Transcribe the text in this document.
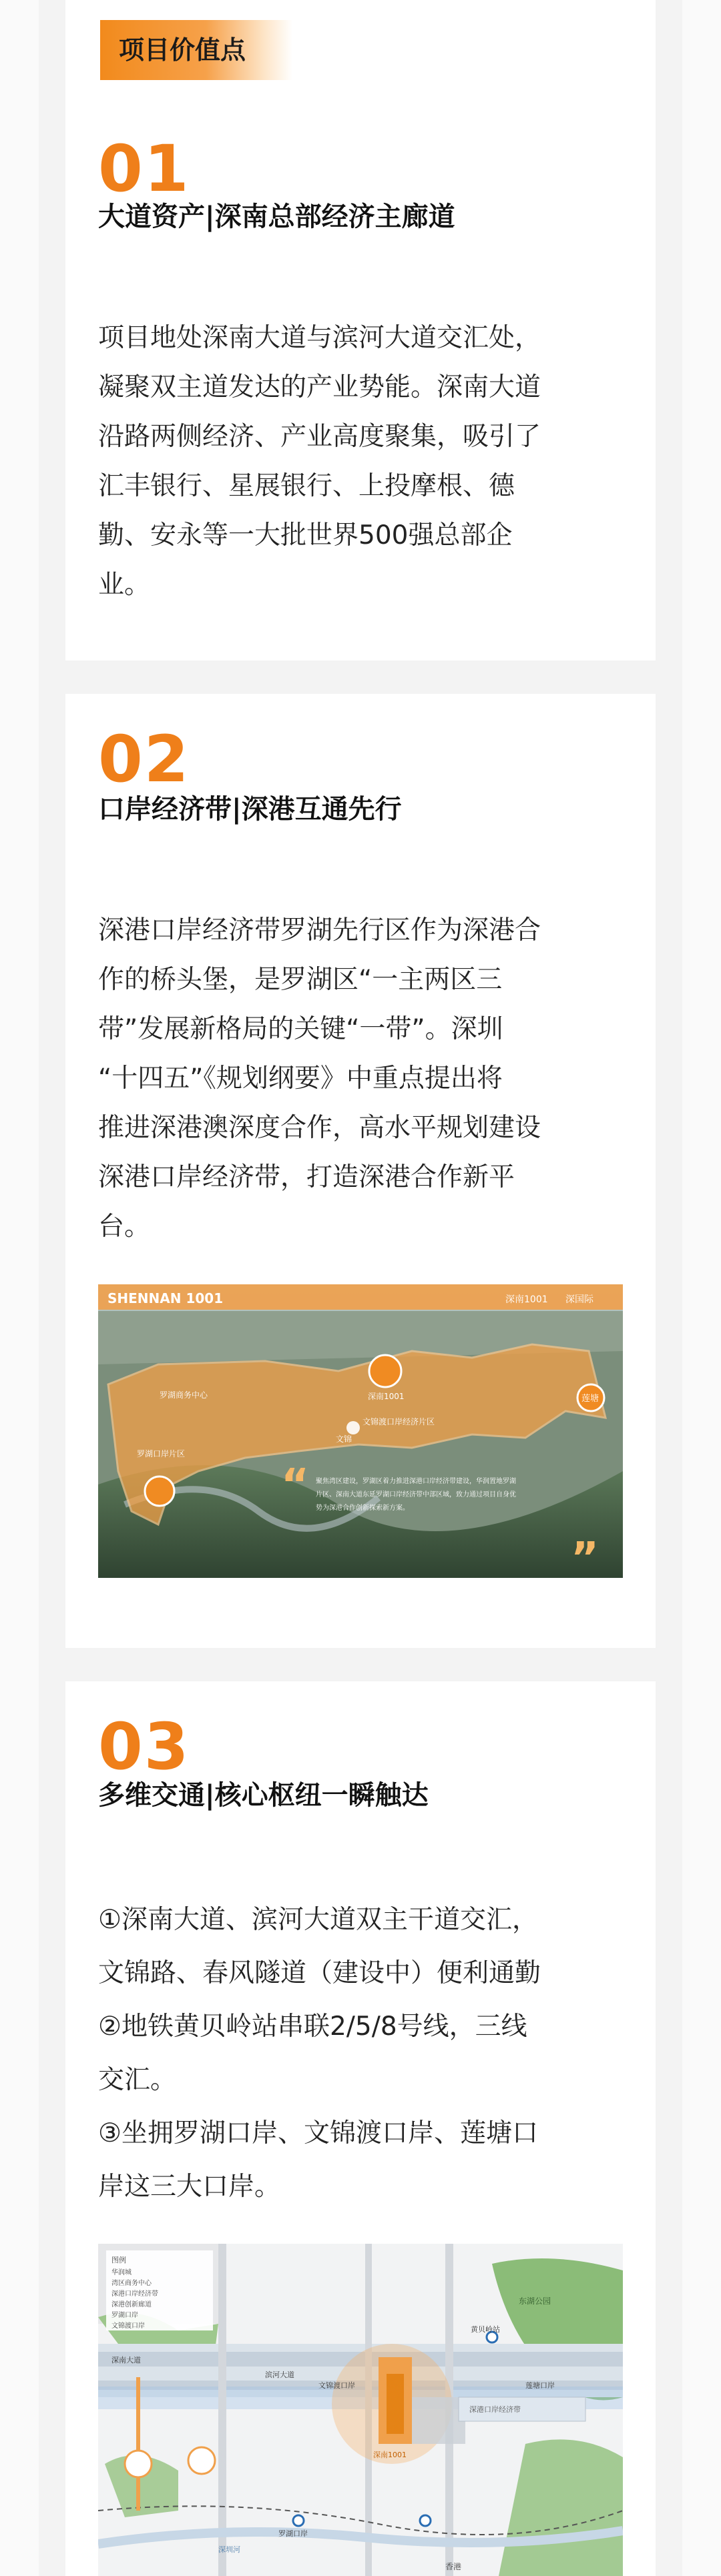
项目价值点
01
大道资产|深南总部经济主廊道
项目地处深南大道与滨河大道交汇处，
凝聚双主道发达的产业势能。深南大道
沿路两侧经济、产业高度聚集，吸引了
汇丰银行、星展银行、上投摩根、德
勤、安永等一大批世界500强总部企
业。
02
口岸经济带|深港互通先行
深港口岸经济带罗湖先行区作为深港合
作的桥头堡，是罗湖区“一主两区三
带”发展新格局的关键“一带”。深圳
“十四五”《规划纲要》中重点提出将
推进深港澳深度合作，高水平规划建设
深港口岸经济带，打造深港合作新平
台。
SHENNAN 1001	深南1001 深国际
罗湖商务中心	深南1001
文锦渡口岸经济片区
文锦
莲塘
罗湖口岸片区
“
”
聚焦湾区建设，罗湖区着力推进深港口岸经济带建设，华润置地罗湖
片区、深南大道东延罗湖口岸经济带中部区域，致力通过项目自身优
势为深港合作创新探索新方案。
03
多维交通|核心枢纽一瞬触达
①深南大道、滨河大道双主干道交汇，
文锦路、春风隧道（建设中）便利通勤
②地铁黄贝岭站串联2/5/8号线，三线
交汇。
③坐拥罗湖口岸、文锦渡口岸、莲塘口
岸这三大口岸。
图例
华润城
湾区商务中心
深港口岸经济带
深港创新廊道
罗湖口岸
文锦渡口岸
东湖公园
黄贝岭站
深南大道
罗湖口岸
文锦渡口岸	莲塘口岸
深港口岸经济带
香港
深圳河
滨河大道
深南1001
